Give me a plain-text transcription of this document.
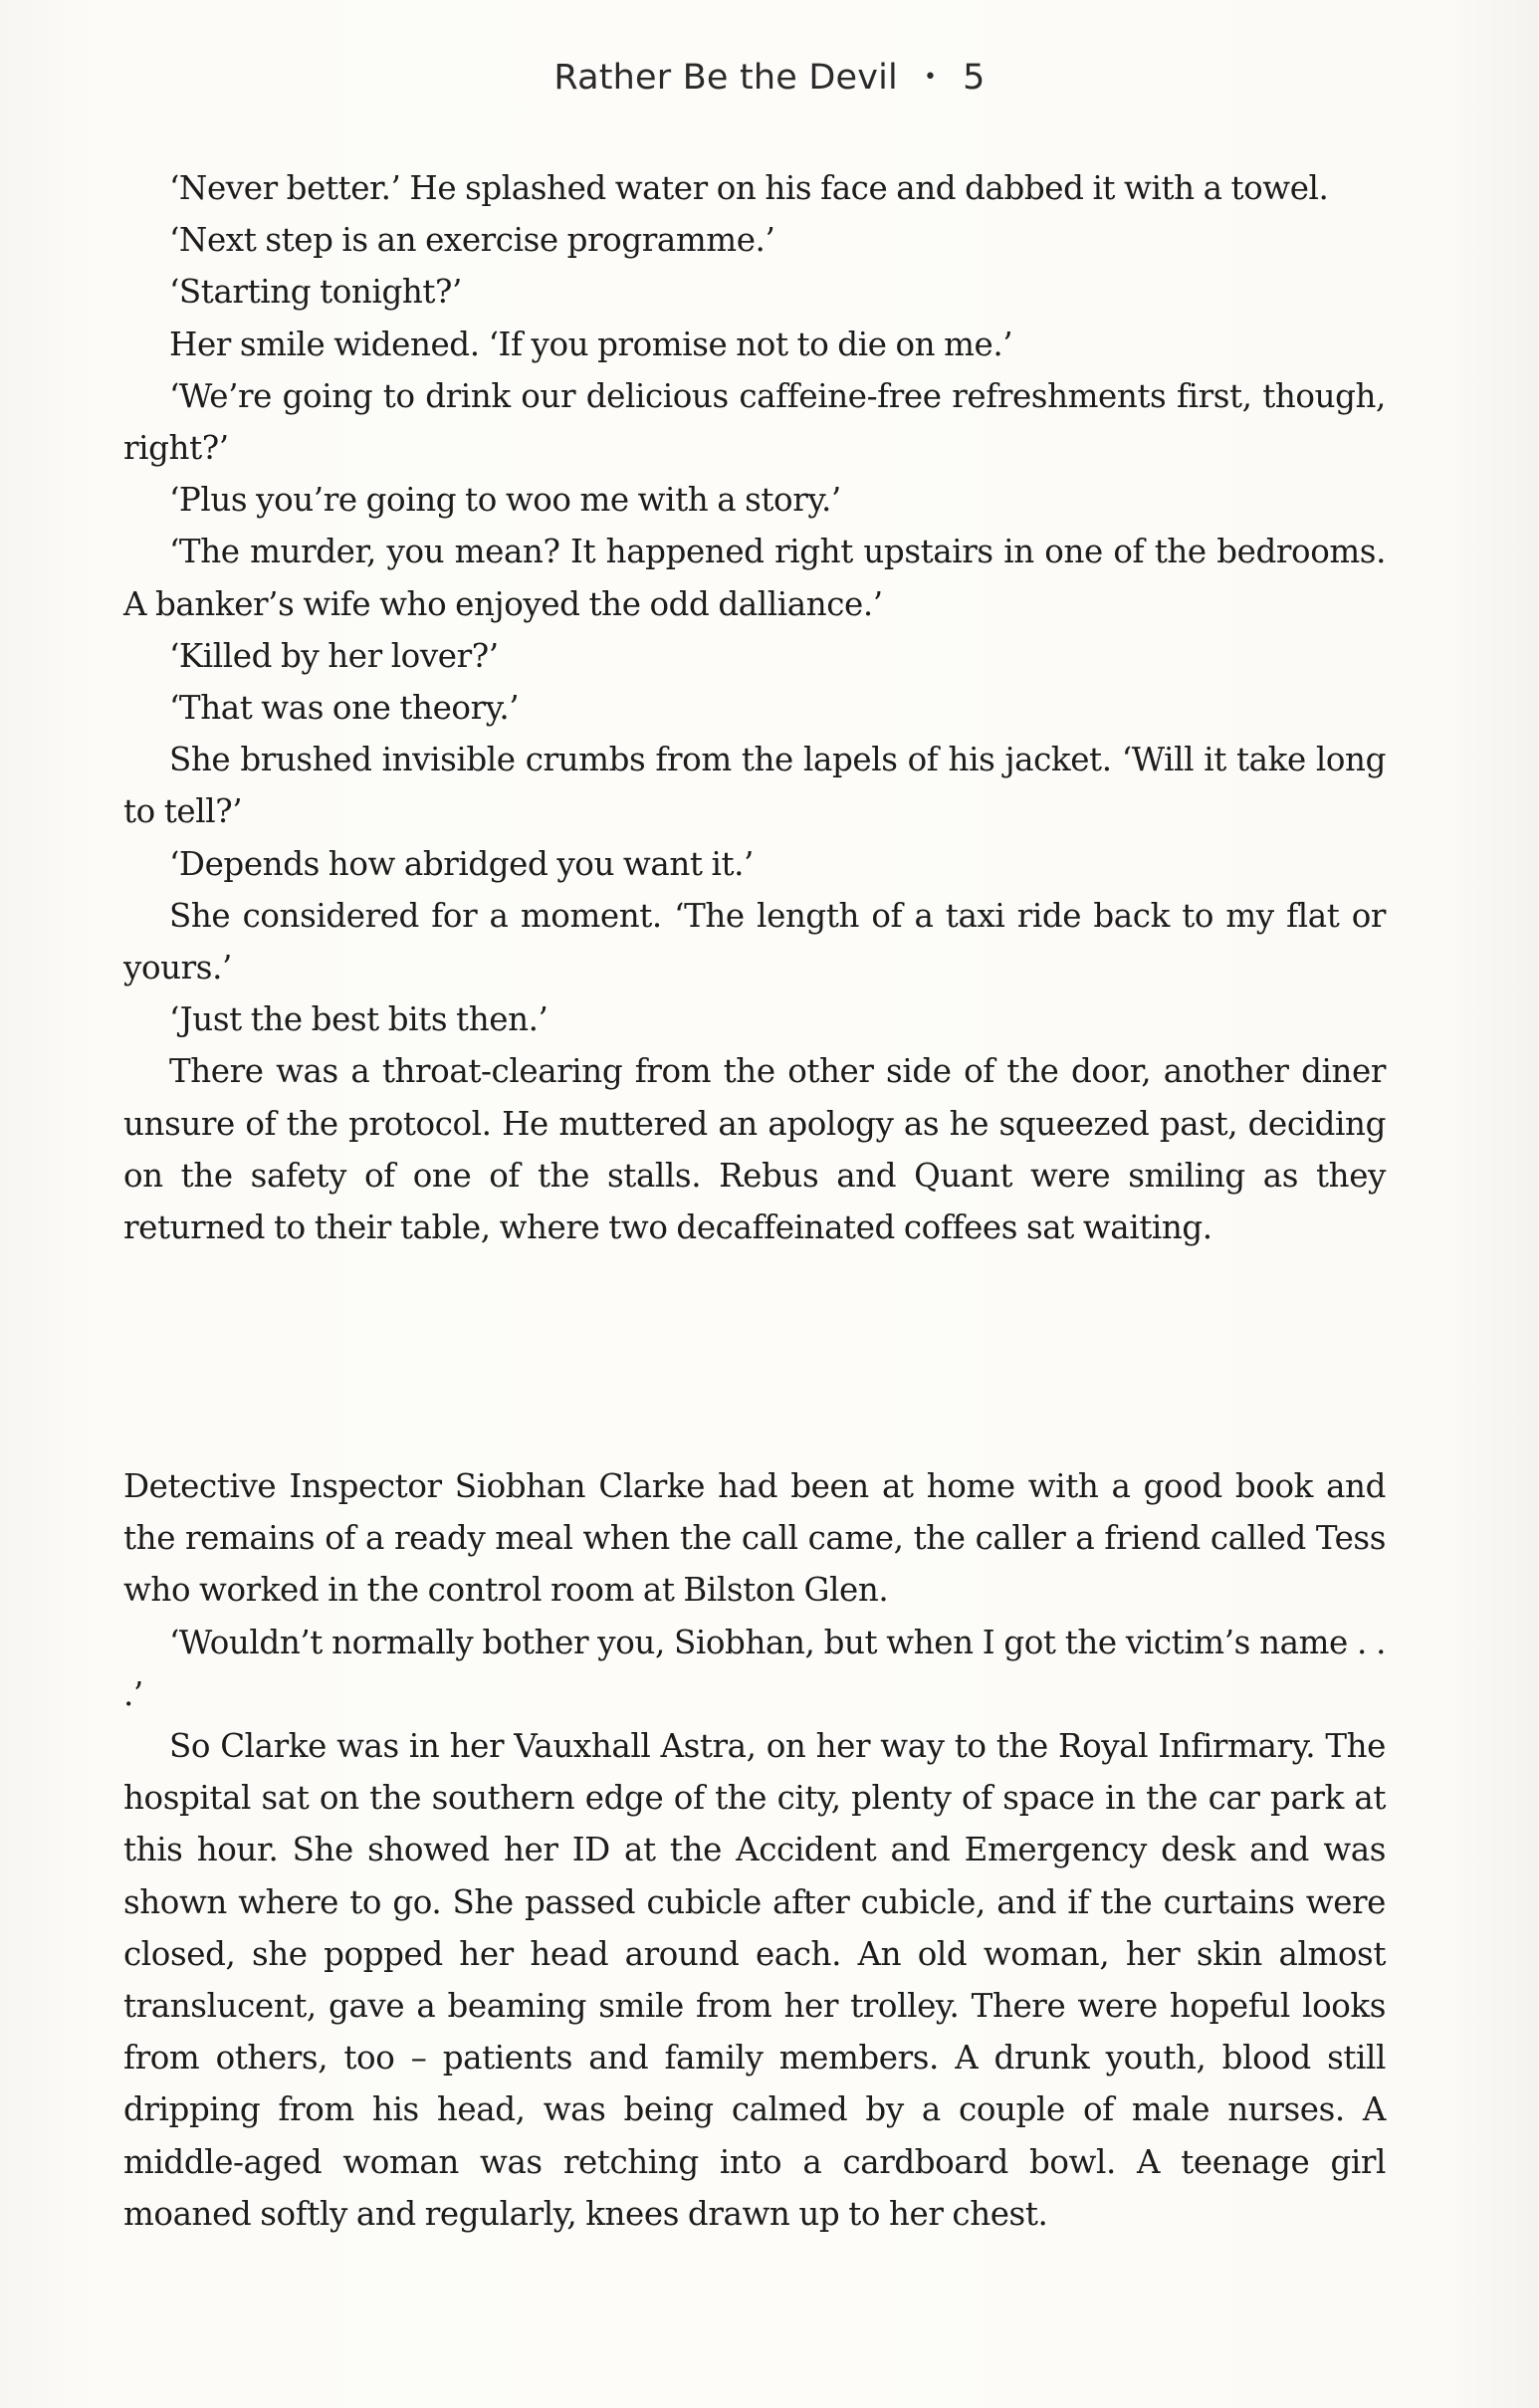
Rather Be the Devil • 5

‘Never better.’ He splashed water on his face and dabbed it with a towel.

‘Next step is an exercise programme.’

‘Starting tonight?’

Her smile widened. ‘If you promise not to die on me.’

‘We’re going to drink our delicious caffeine-free refreshments first, though, right?’

‘Plus you’re going to woo me with a story.’

‘The murder, you mean? It happened right upstairs in one of the bedrooms. A banker’s wife who enjoyed the odd dalliance.’

‘Killed by her lover?’

‘That was one theory.’

She brushed invisible crumbs from the lapels of his jacket. ‘Will it take long to tell?’

‘Depends how abridged you want it.’

She considered for a moment. ‘The length of a taxi ride back to my flat or yours.’

‘Just the best bits then.’

There was a throat-clearing from the other side of the door, another diner unsure of the protocol. He muttered an apology as he squeezed past, deciding on the safety of one of the stalls. Rebus and Quant were smiling as they returned to their table, where two decaffeinated coffees sat waiting.

Detective Inspector Siobhan Clarke had been at home with a good book and the remains of a ready meal when the call came, the caller a friend called Tess who worked in the control room at Bilston Glen.

‘Wouldn’t normally bother you, Siobhan, but when I got the victim’s name . . .’

So Clarke was in her Vauxhall Astra, on her way to the Royal Infirmary. The hospital sat on the southern edge of the city, plenty of space in the car park at this hour. She showed her ID at the Accident and Emergency desk and was shown where to go. She passed cubicle after cubicle, and if the curtains were closed, she popped her head around each. An old woman, her skin almost translucent, gave a beaming smile from her trolley. There were hopeful looks from others, too – patients and family members. A drunk youth, blood still dripping from his head, was being calmed by a couple of male nurses. A middle-aged woman was retching into a cardboard bowl. A teenage girl moaned softly and regularly, knees drawn up to her chest.
